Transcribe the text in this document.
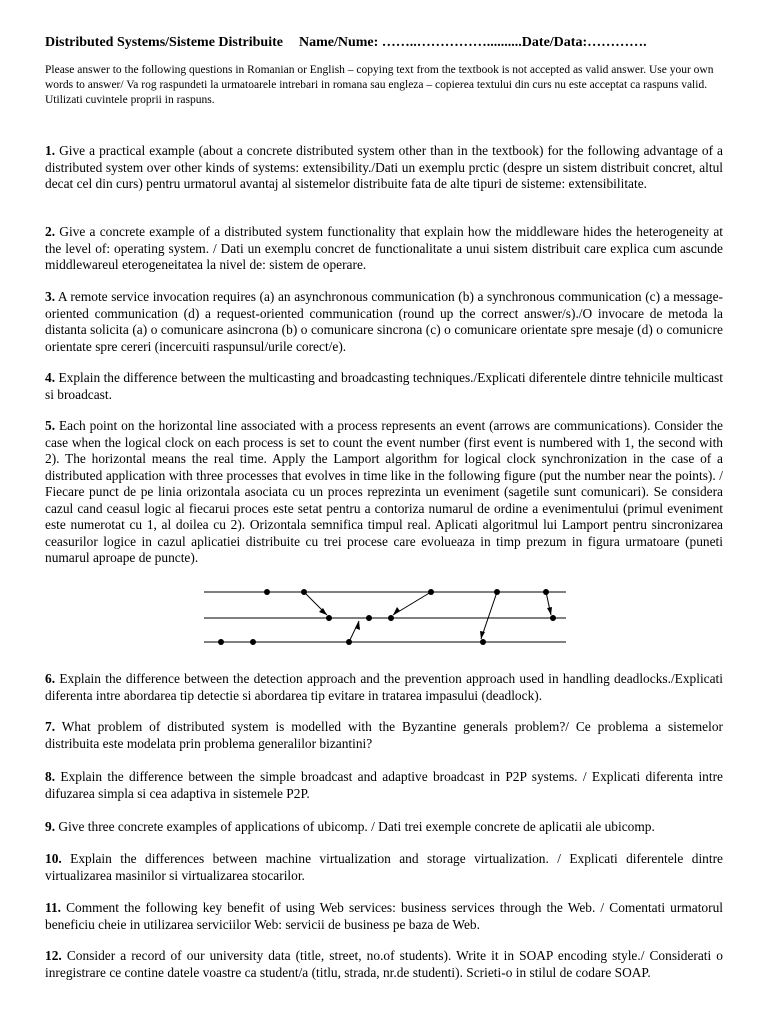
Distributed Systems/Sisteme Distribuite Name/Nume: ……..……………..........Date/Data:………….
Please answer to the following questions in Romanian or English – copying text from the textbook is not accepted as valid answer. Use your own words to answer/ Va rog raspundeti la urmatoarele intrebari in romana sau engleza – copierea textului din curs nu este acceptat ca raspuns valid. Utilizati cuvintele proprii in raspuns.
1. Give a practical example (about a concrete distributed system other than in the textbook) for the following advantage of a distributed system over other kinds of systems: extensibility./Dati un exemplu prctic (despre un sistem distribuit concret, altul decat cel din curs) pentru urmatorul avantaj al sistemelor distribuite fata de alte tipuri de sisteme: extensibilitate.
2. Give a concrete example of a distributed system functionality that explain how the middleware hides the heterogeneity at the level of: operating system. / Dati un exemplu concret de functionalitate a unui sistem distribuit care explica cum ascunde middlewareul eterogeneitatea la nivel de: sistem de operare.
3. A remote service invocation requires (a) an asynchronous communication (b) a synchronous communication (c) a message-oriented communication (d) a request-oriented communication (round up the correct answer/s)./O invocare de metoda la distanta solicita (a) o comunicare asincrona (b) o comunicare sincrona (c) o comunicare orientate spre mesaje (d) o comunicre orientate spre cereri (incercuiti raspunsul/urile corect/e).
4. Explain the difference between the multicasting and broadcasting techniques./Explicati diferentele dintre tehnicile multicast si broadcast.
5. Each point on the horizontal line associated with a process represents an event (arrows are communications). Consider the case when the logical clock on each process is set to count the event number (first event is numbered with 1, the second with 2). The horizontal means the real time. Apply the Lamport algorithm for logical clock synchronization in the case of a distributed application with three processes that evolves in time like in the following figure (put the number near the points). / Fiecare punct de pe linia orizontala asociata cu un proces reprezinta un eveniment (sagetile sunt comunicari). Se considera cazul cand ceasul logic al fiecarui proces este setat pentru a contoriza numarul de ordine a evenimentului (primul eveniment este numerotat cu 1, al doilea cu 2). Orizontala semnifica timpul real. Aplicati algoritmul lui Lamport pentru sincronizarea ceasurilor logice in cazul aplicatiei distribuite cu trei procese care evolueaza in timp prezum in figura urmatoare (puneti numarul aproape de puncte).
6. Explain the difference between the detection approach and the prevention approach used in handling deadlocks./Explicati diferenta intre abordarea tip detectie si abordarea tip evitare in tratarea impasului (deadlock).
7. What problem of distributed system is modelled with the Byzantine generals problem?/ Ce problema a sistemelor distribuita este modelata prin problema generalilor bizantini?
8. Explain the difference between the simple broadcast and adaptive broadcast in P2P systems. / Explicati diferenta intre difuzarea simpla si cea adaptiva in sistemele P2P.
9. Give three concrete examples of applications of ubicomp. / Dati trei exemple concrete de aplicatii ale ubicomp.
10. Explain the differences between machine virtualization and storage virtualization. / Explicati diferentele dintre virtualizarea masinilor si virtualizarea stocarilor.
11. Comment the following key benefit of using Web services: business services through the Web. / Comentati urmatorul beneficiu cheie in utilizarea serviciilor Web: servicii de business pe baza de Web.
12. Consider a record of our university data (title, street, no.of students). Write it in SOAP encoding style./ Considerati o inregistrare ce contine datele voastre ca student/a (titlu, strada, nr.de studenti). Scrieti-o in stilul de codare SOAP.
